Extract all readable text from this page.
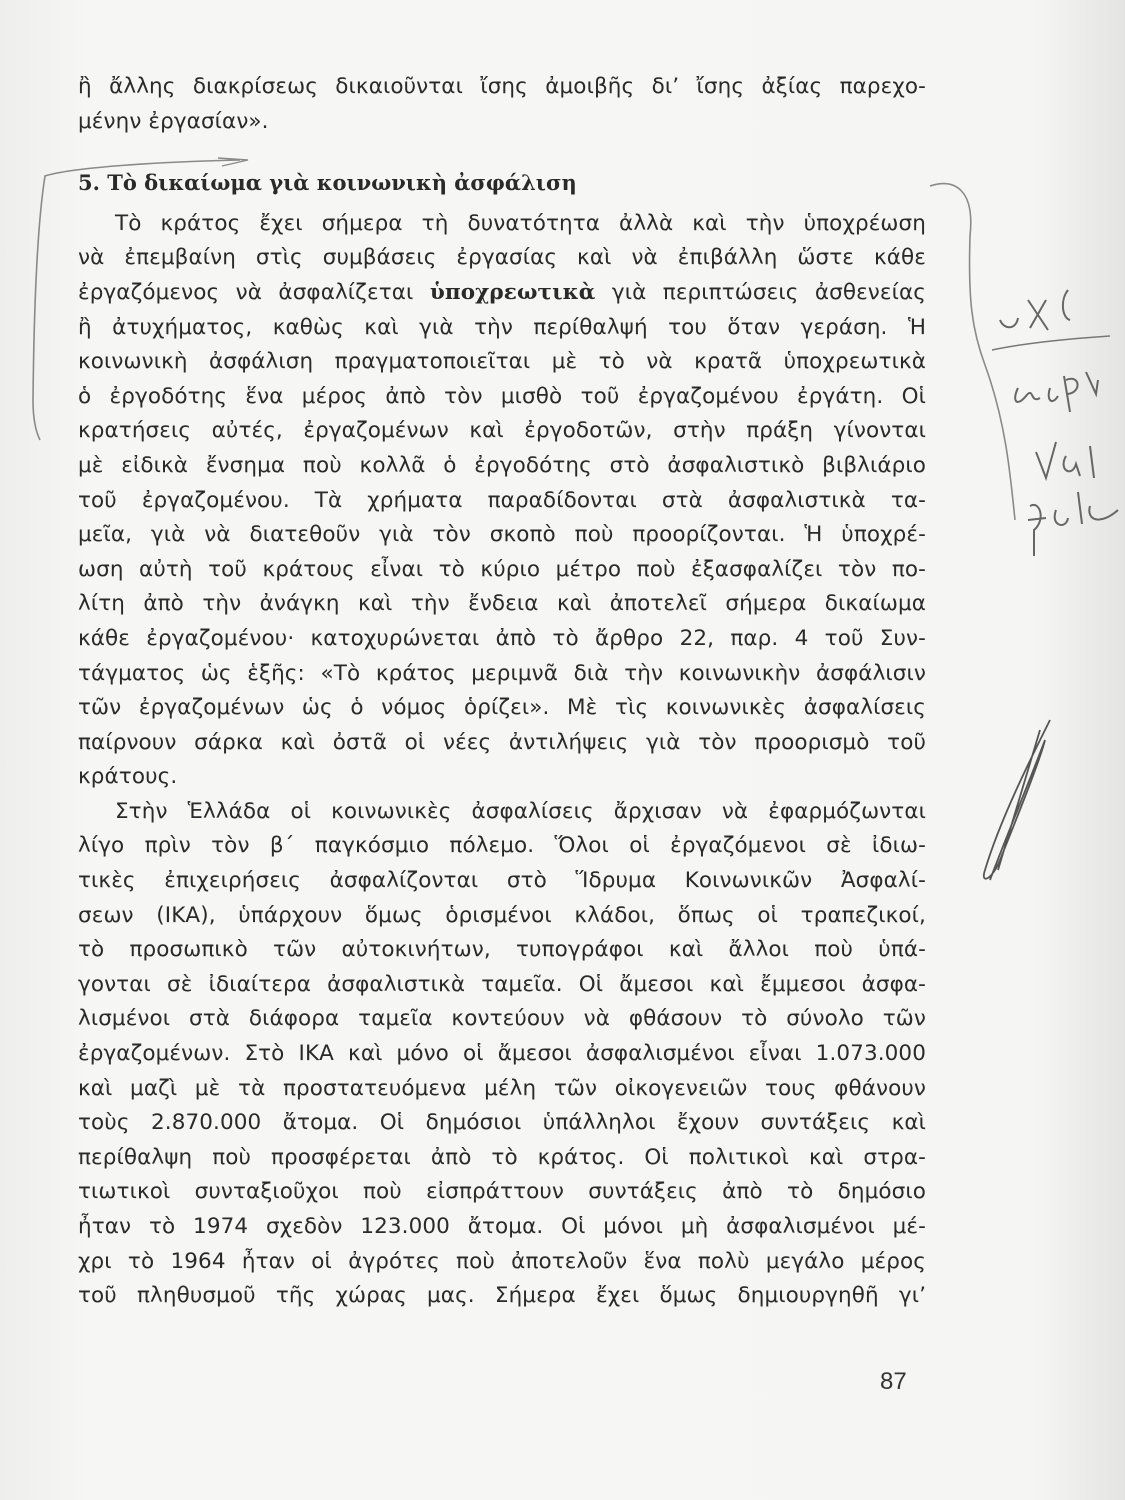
ἢ ἄλλης διακρίσεως δικαιοῦνται ἴσης ἀμοιβῆς δι’ ἴσης ἀξίας παρεχο-
μένην ἐργασίαν».
5. Τὸ δικαίωμα γιὰ κοινωνικὴ ἀσφάλιση
Τὸ κράτος ἔχει σήμερα τὴ δυνατότητα ἀλλὰ καὶ τὴν ὑποχρέωση
νὰ ἐπεμβαίνη στὶς συμβάσεις ἐργασίας καὶ νὰ ἐπιβάλλη ὥστε κάθε
ἐργαζόμενος νὰ ἀσφαλίζεται ὑποχρεωτικὰ γιὰ περιπτώσεις ἀσθενείας
ἢ ἀτυχήματος, καθὼς καὶ γιὰ τὴν περίθαλψή του ὅταν γεράση. Ἡ
κοινωνικὴ ἀσφάλιση πραγματοποιεῖται μὲ τὸ νὰ κρατᾶ ὑποχρεωτικὰ
ὁ ἐργοδότης ἕνα μέρος ἀπὸ τὸν μισθὸ τοῦ ἐργαζομένου ἐργάτη. Οἱ
κρατήσεις αὐτές, ἐργαζομένων καὶ ἐργοδοτῶν, στὴν πράξη γίνονται
μὲ εἰδικὰ ἔνσημα ποὺ κολλᾶ ὁ ἐργοδότης στὸ ἀσφαλιστικὸ βιβλιάριο
τοῦ ἐργαζομένου. Τὰ χρήματα παραδίδονται στὰ ἀσφαλιστικὰ τα-
μεῖα, γιὰ νὰ διατεθοῦν γιὰ τὸν σκοπὸ ποὺ προορίζονται. Ἡ ὑποχρέ-
ωση αὐτὴ τοῦ κράτους εἶναι τὸ κύριο μέτρο ποὺ ἐξασφαλίζει τὸν πο-
λίτη ἀπὸ τὴν ἀνάγκη καὶ τὴν ἔνδεια καὶ ἀποτελεῖ σήμερα δικαίωμα
κάθε ἐργαζομένου· κατοχυρώνεται ἀπὸ τὸ ἄρθρο 22, παρ. 4 τοῦ Συν-
τάγματος ὡς ἑξῆς: «Τὸ κράτος μεριμνᾶ διὰ τὴν κοινωνικὴν ἀσφάλισιν
τῶν ἐργαζομένων ὡς ὁ νόμος ὁρίζει». Μὲ τὶς κοινωνικὲς ἀσφαλίσεις
παίρνουν σάρκα καὶ ὀστᾶ οἱ νέες ἀντιλήψεις γιὰ τὸν προορισμὸ τοῦ
κράτους.
Στὴν Ἑλλάδα οἱ κοινωνικὲς ἀσφαλίσεις ἄρχισαν νὰ ἐφαρμόζωνται
λίγο πρὶν τὸν β΄ παγκόσμιο πόλεμο. Ὅλοι οἱ ἐργαζόμενοι σὲ ἰδιω-
τικὲς ἐπιχειρήσεις ἀσφαλίζονται στὸ Ἵδρυμα Κοινωνικῶν Ἀσφαλί-
σεων (ΙΚΑ), ὑπάρχουν ὅμως ὁρισμένοι κλάδοι, ὅπως οἱ τραπεζικοί,
τὸ προσωπικὸ τῶν αὐτοκινήτων, τυπογράφοι καὶ ἄλλοι ποὺ ὑπά-
γονται σὲ ἰδιαίτερα ἀσφαλιστικὰ ταμεῖα. Οἱ ἄμεσοι καὶ ἔμμεσοι ἀσφα-
λισμένοι στὰ διάφορα ταμεῖα κοντεύουν νὰ φθάσουν τὸ σύνολο τῶν
ἐργαζομένων. Στὸ ΙΚΑ καὶ μόνο οἱ ἄμεσοι ἀσφαλισμένοι εἶναι 1.073.000
καὶ μαζὶ μὲ τὰ προστατευόμενα μέλη τῶν οἰκογενειῶν τους φθάνουν
τοὺς 2.870.000 ἄτομα. Οἱ δημόσιοι ὑπάλληλοι ἔχουν συντάξεις καὶ
περίθαλψη ποὺ προσφέρεται ἀπὸ τὸ κράτος. Οἱ πολιτικοὶ καὶ στρα-
τιωτικοὶ συνταξιοῦχοι ποὺ εἰσπράττουν συντάξεις ἀπὸ τὸ δημόσιο
ἦταν τὸ 1974 σχεδὸν 123.000 ἄτομα. Οἱ μόνοι μὴ ἀσφαλισμένοι μέ-
χρι τὸ 1964 ἦταν οἱ ἀγρότες ποὺ ἀποτελοῦν ἕνα πολὺ μεγάλο μέρος
τοῦ πληθυσμοῦ τῆς χώρας μας. Σήμερα ἔχει ὅμως δημιουργηθῆ γι’
87
